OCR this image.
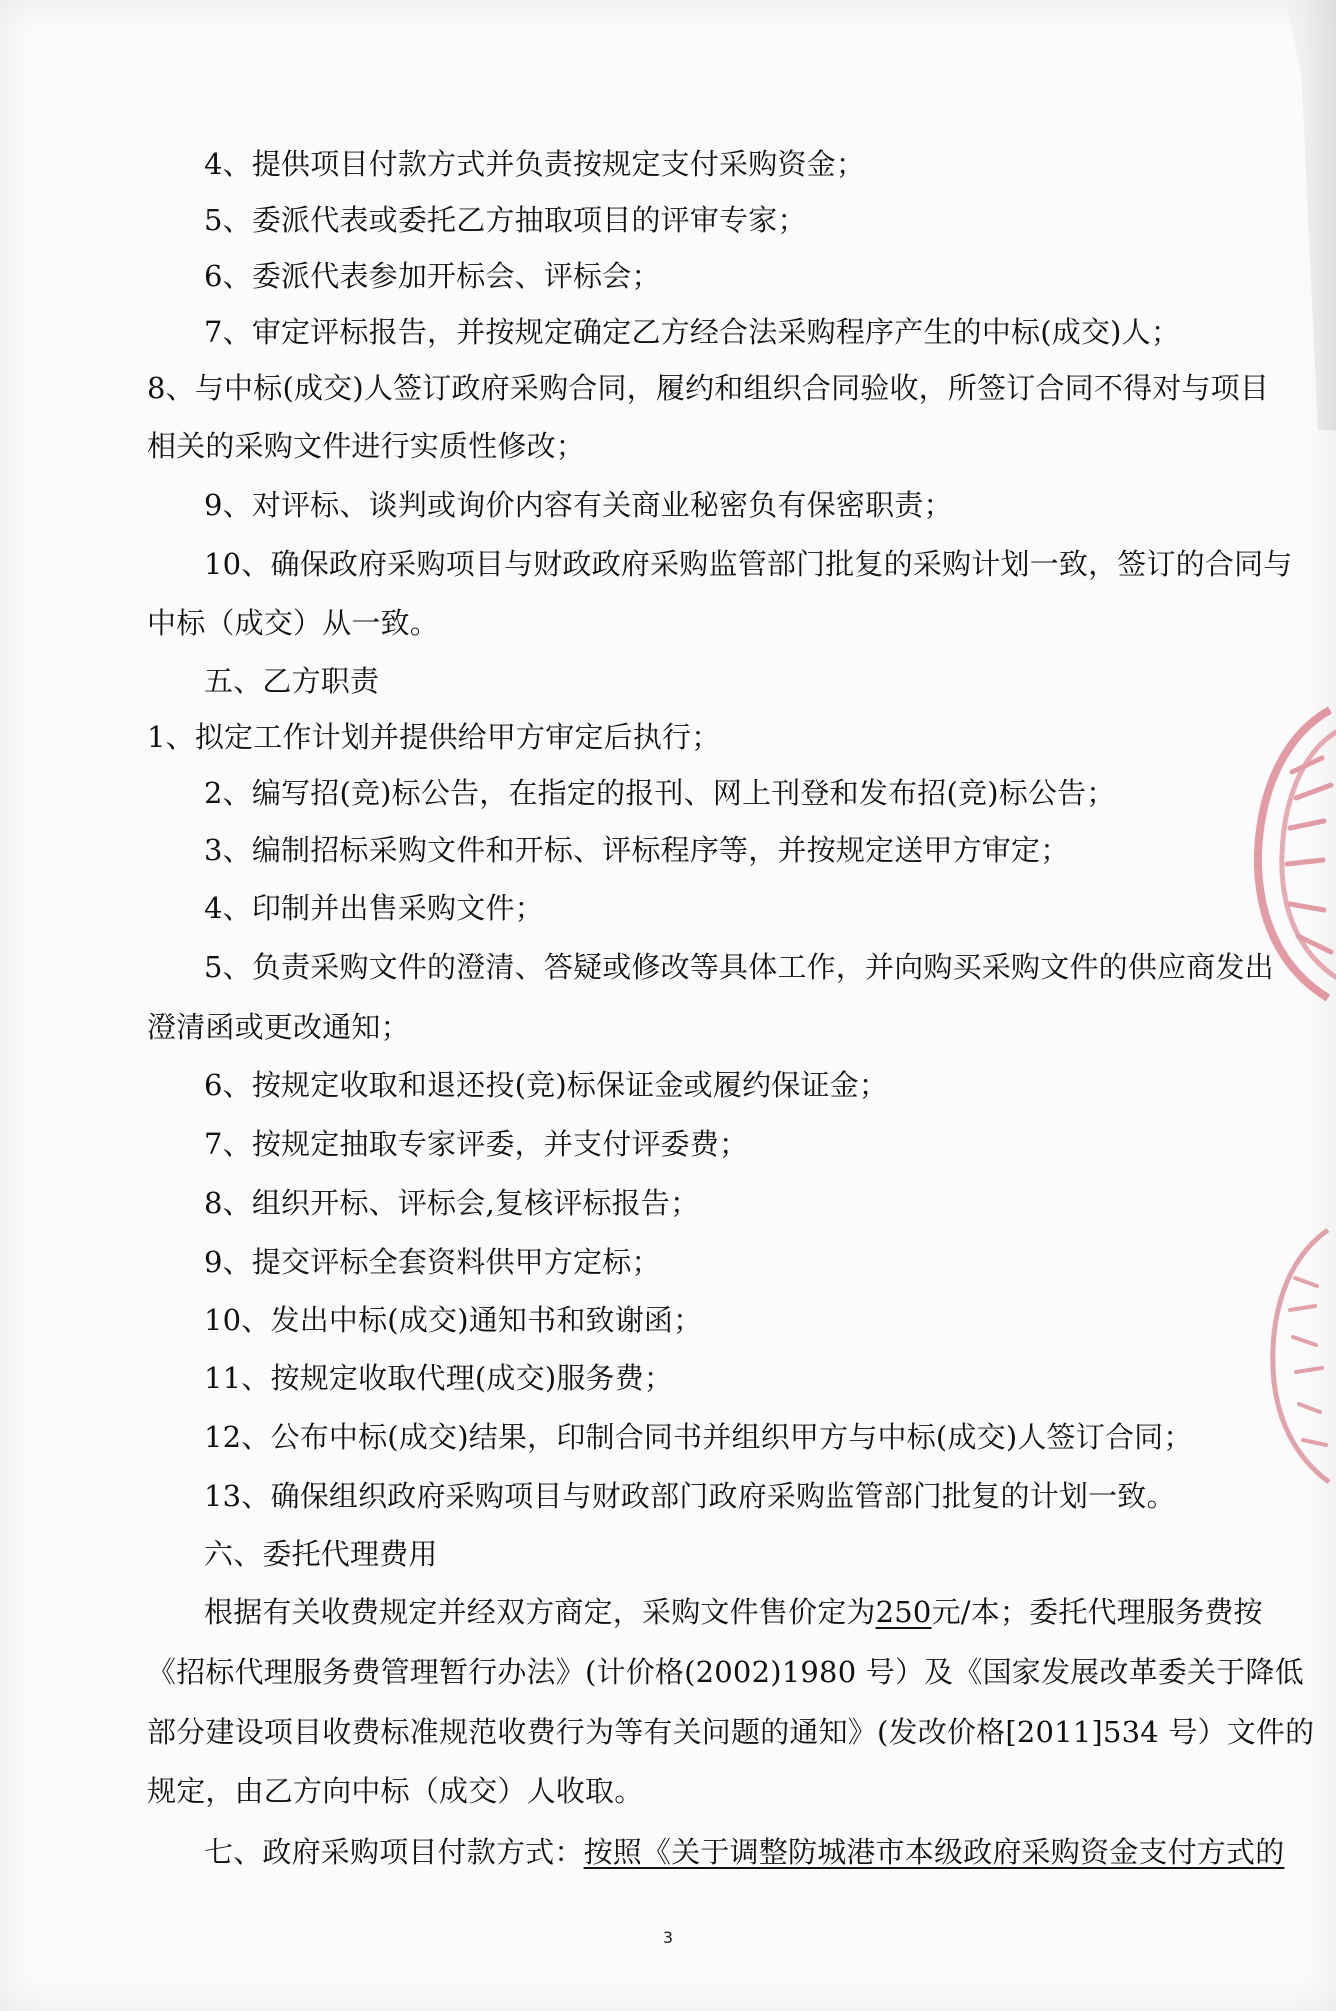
4、提供项目付款方式并负责按规定支付采购资金；
5、委派代表或委托乙方抽取项目的评审专家；
6、委派代表参加开标会、评标会；
7、审定评标报告，并按规定确定乙方经合法采购程序产生的中标(成交)人；
8、与中标(成交)人签订政府采购合同，履约和组织合同验收，所签订合同不得对与项目
相关的采购文件进行实质性修改；
9、对评标、谈判或询价内容有关商业秘密负有保密职责；
10、确保政府采购项目与财政政府采购监管部门批复的采购计划一致，签订的合同与
中标（成交）从一致。
五、乙方职责
1、拟定工作计划并提供给甲方审定后执行；
2、编写招(竞)标公告，在指定的报刊、网上刊登和发布招(竞)标公告；
3、编制招标采购文件和开标、评标程序等，并按规定送甲方审定；
4、印制并出售采购文件；
5、负责采购文件的澄清、答疑或修改等具体工作，并向购买采购文件的供应商发出
澄清函或更改通知；
6、按规定收取和退还投(竞)标保证金或履约保证金；
7、按规定抽取专家评委，并支付评委费；
8、组织开标、评标会,复核评标报告；
9、提交评标全套资料供甲方定标；
10、发出中标(成交)通知书和致谢函；
11、按规定收取代理(成交)服务费；
12、公布中标(成交)结果，印制合同书并组织甲方与中标(成交)人签订合同；
13、确保组织政府采购项目与财政部门政府采购监管部门批复的计划一致。
六、委托代理费用
根据有关收费规定并经双方商定，采购文件售价定为250元/本；委托代理服务费按
《招标代理服务费管理暂行办法》(计价格(2002)1980 号）及《国家发展改革委关于降低
部分建设项目收费标准规范收费行为等有关问题的通知》(发改价格[2011]534 号）文件的
规定，由乙方向中标（成交）人收取。
七、政府采购项目付款方式：按照《关于调整防城港市本级政府采购资金支付方式的
3
